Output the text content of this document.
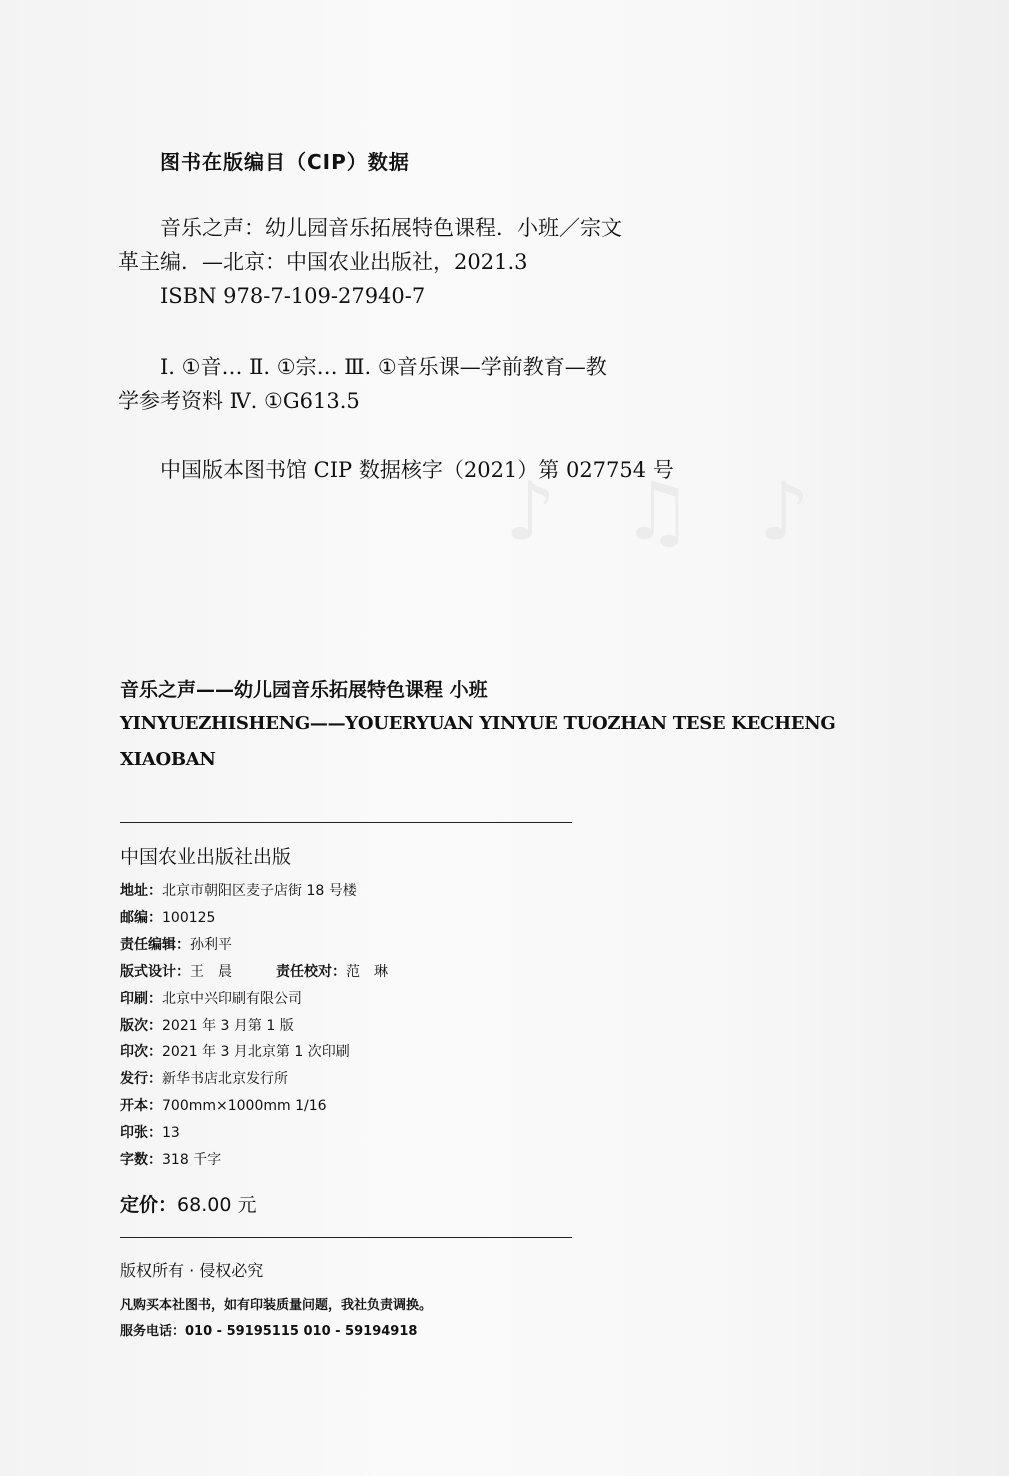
♪ ♫ ♪
图书在版编目（CIP）数据
音乐之声：幼儿园音乐拓展特色课程．小班／宗文
革主编．—北京：中国农业出版社，2021.3
ISBN 978-7-109-27940-7
Ⅰ. ①音… Ⅱ. ①宗… Ⅲ. ①音乐课—学前教育—教
学参考资料 Ⅳ. ①G613.5
中国版本图书馆 CIP 数据核字（2021）第 027754 号
音乐之声——幼儿园音乐拓展特色课程 小班
YINYUEZHISHENG——YOUERYUAN YINYUE TUOZHAN TESE KECHENG XIAOBAN
中国农业出版社出版
地址：北京市朝阳区麦子店街 18 号楼
邮编：100125
责任编辑：孙利平
版式设计：王　晨	责任校对：范　琳
印刷：北京中兴印刷有限公司
版次：2021 年 3 月第 1 版
印次：2021 年 3 月北京第 1 次印刷
发行：新华书店北京发行所
开本：700mm×1000mm 1/16
印张：13
字数：318 千字
定价：68.00 元
版权所有 · 侵权必究
凡购买本社图书，如有印装质量问题，我社负责调换。
服务电话：010 - 59195115 010 - 59194918
